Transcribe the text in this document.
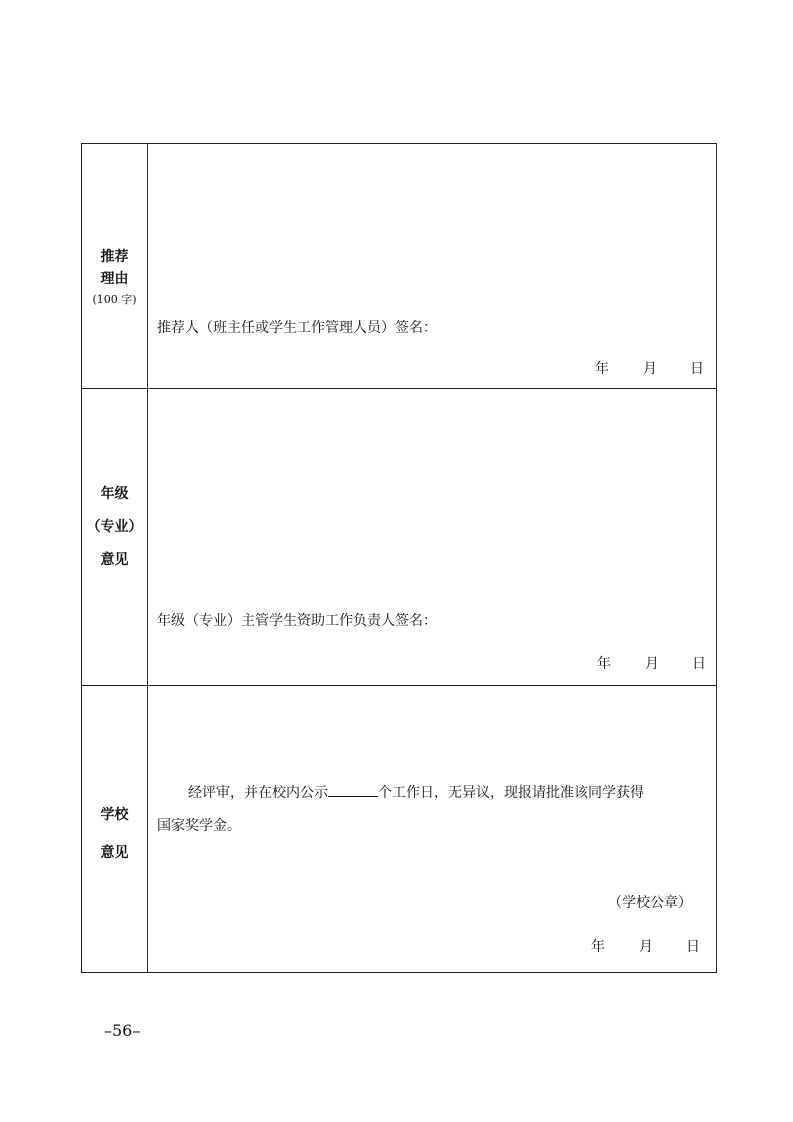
推荐
理由
(100 字)
推荐人（班主任或学生工作管理人员）签名：
年 月 日
年级
（专业）
意见
年级（专业）主管学生资助工作负责人签名：
年 月 日
学校
意见
经评审，并在校内公示	个工作日，无异议，现报请批准该同学获得
国家奖学金。
（学校公章）
年 月 日
–56–
